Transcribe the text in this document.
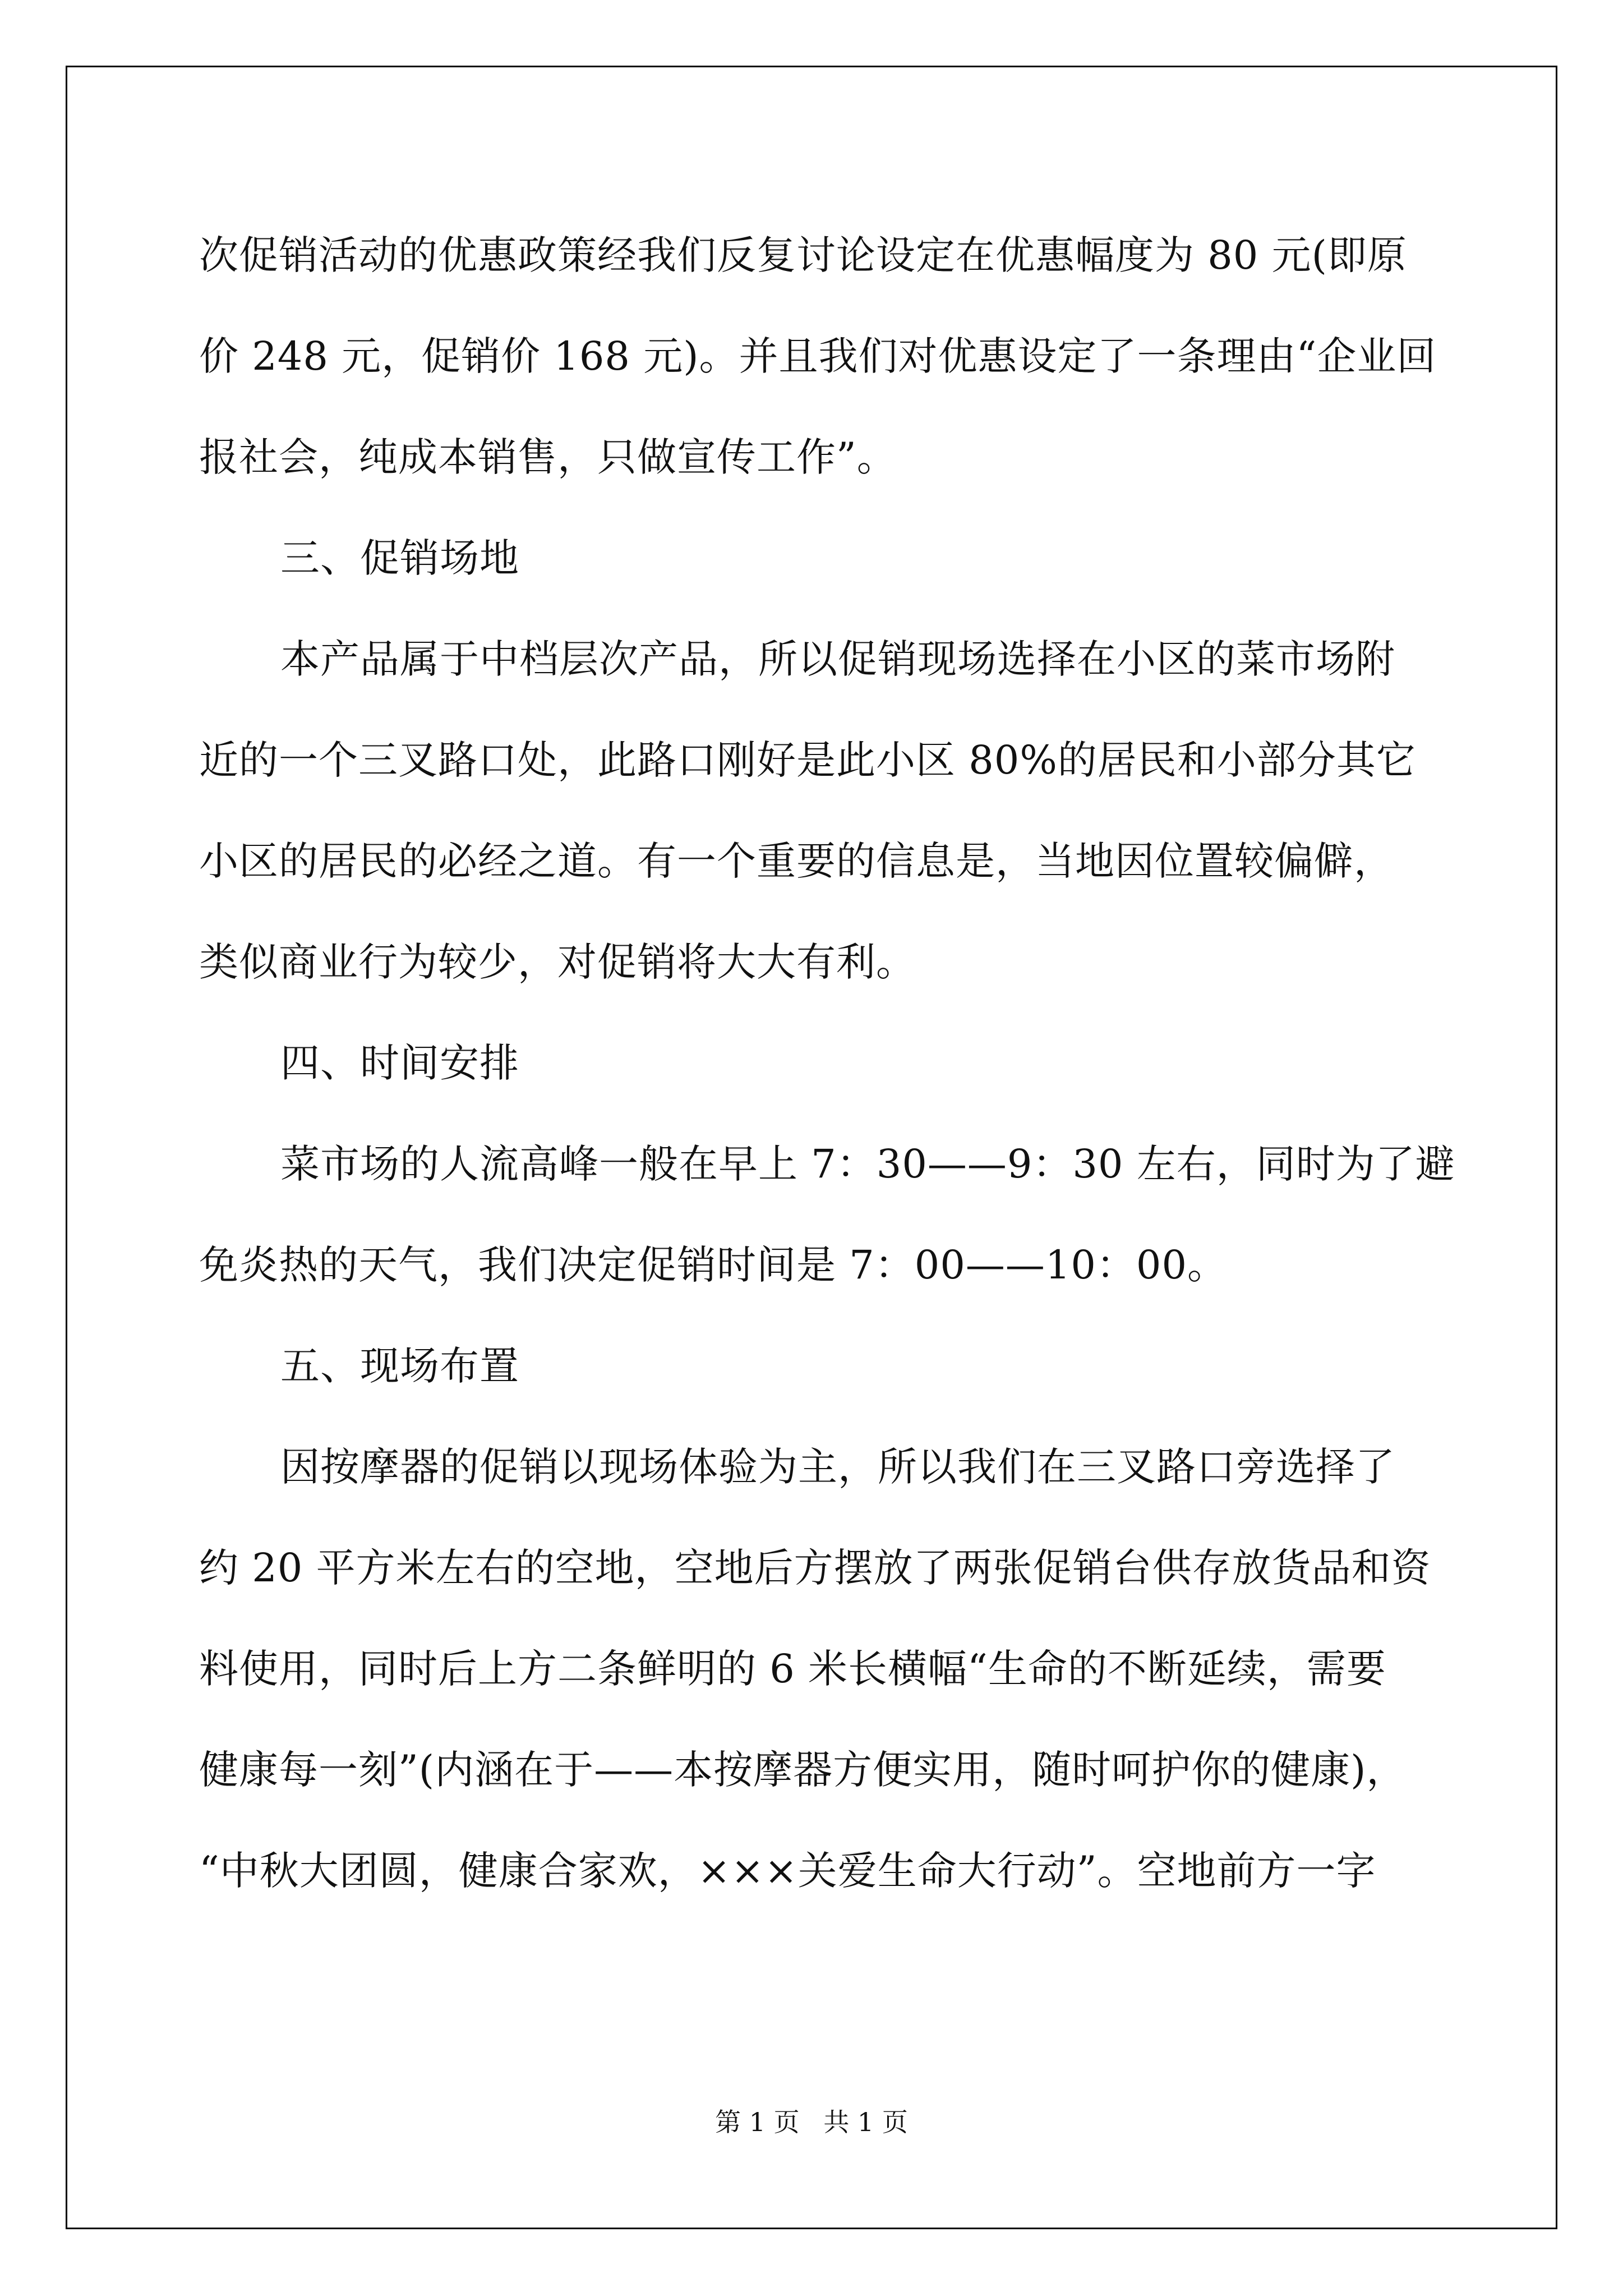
次促销活动的优惠政策经我们反复讨论设定在优惠幅度为 80 元(即原
价 248 元，促销价 168 元)。并且我们对优惠设定了一条理由“企业回
报社会，纯成本销售，只做宣传工作”。
三、促销场地
本产品属于中档层次产品，所以促销现场选择在小区的菜市场附
近的一个三叉路口处，此路口刚好是此小区 80%的居民和小部分其它
小区的居民的必经之道。有一个重要的信息是，当地因位置较偏僻，
类似商业行为较少，对促销将大大有利。
四、时间安排
菜市场的人流高峰一般在早上 7：30——9：30 左右，同时为了避
免炎热的天气，我们决定促销时间是 7：00——10：00。
五、现场布置
因按摩器的促销以现场体验为主，所以我们在三叉路口旁选择了
约 20 平方米左右的空地，空地后方摆放了两张促销台供存放货品和资
料使用，同时后上方二条鲜明的 6 米长横幅“生命的不断延续，需要
健康每一刻”(内涵在于——本按摩器方便实用，随时呵护你的健康)，
“中秋大团圆，健康合家欢，×××关爱生命大行动”。空地前方一字
第 1 页 共 1 页
